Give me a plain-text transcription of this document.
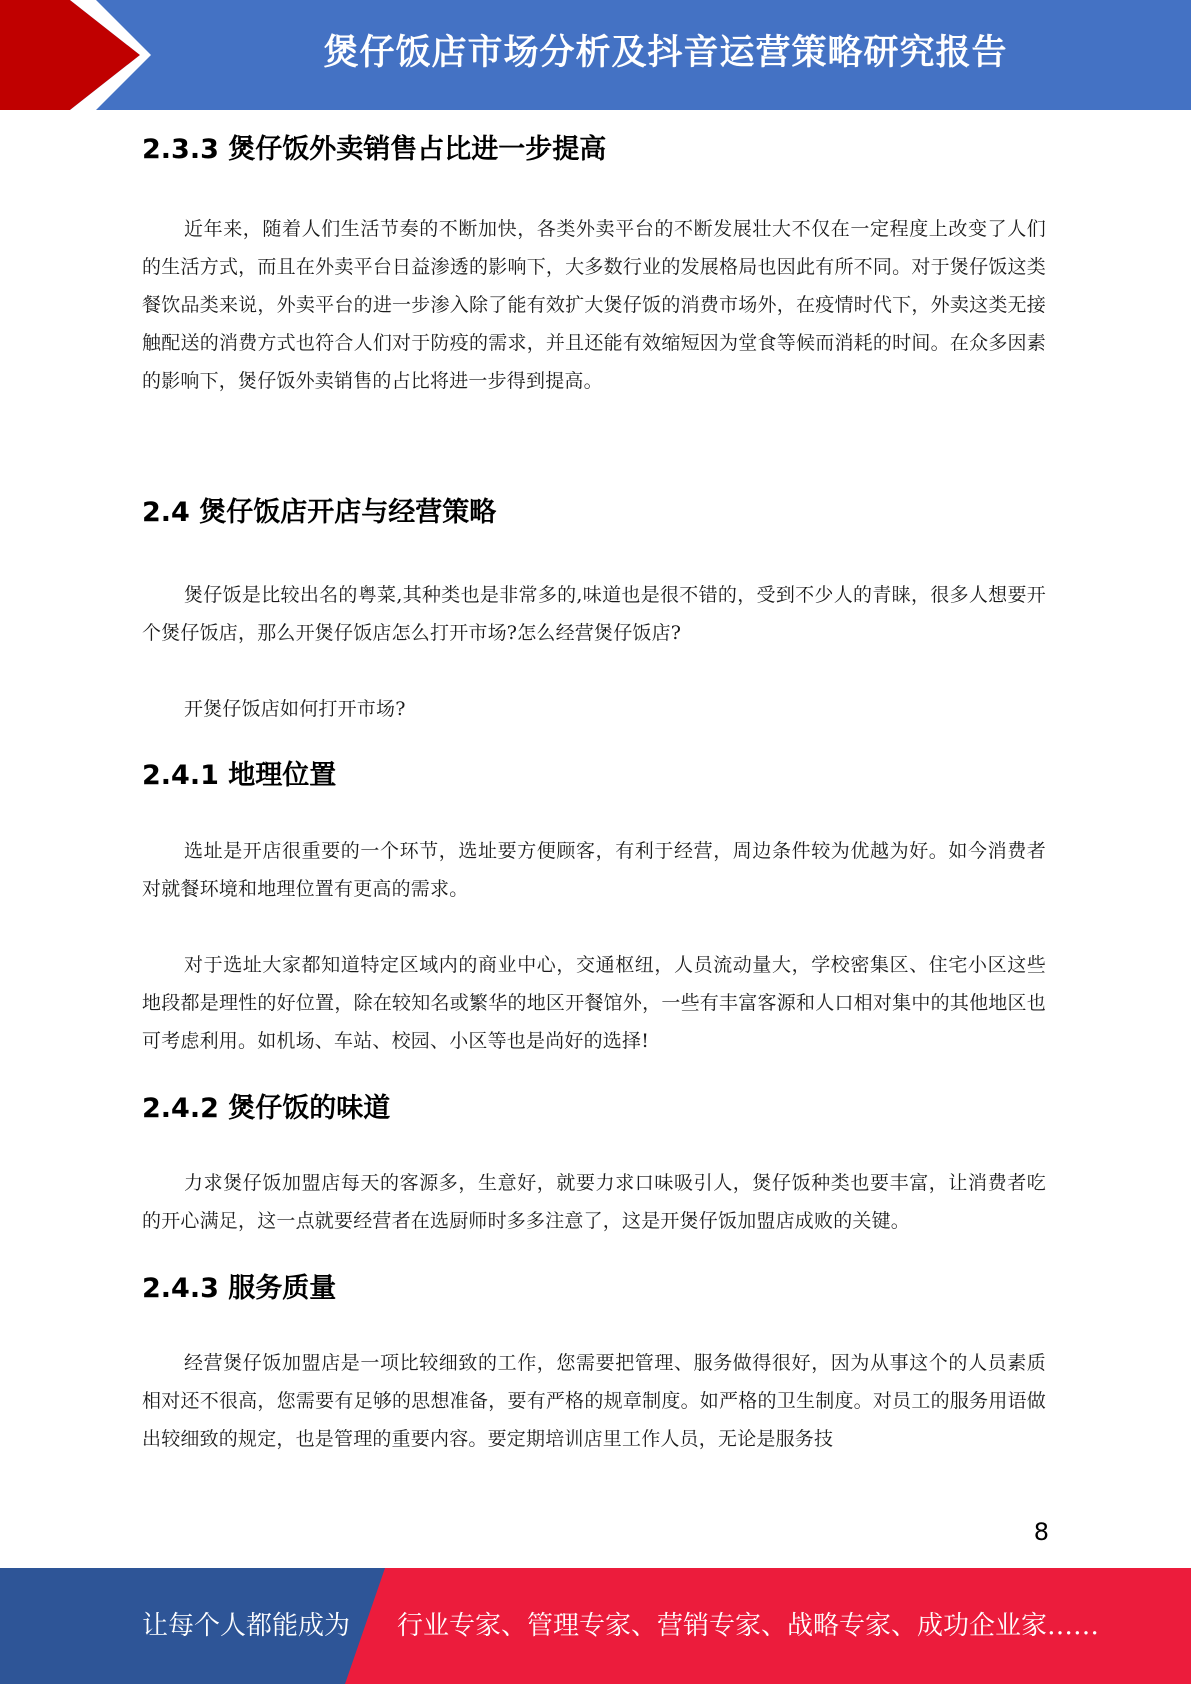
煲仔饭店市场分析及抖音运营策略研究报告
2.3.3 煲仔饭外卖销售占比进一步提高

近年来，随着人们生活节奏的不断加快，各类外卖平台的不断发展壮大不仅在一定程度上改变了人们的生活方式，而且在外卖平台日益渗透的影响下，大多数行业的发展格局也因此有所不同。对于煲仔饭这类餐饮品类来说，外卖平台的进一步渗入除了能有效扩大煲仔饭的消费市场外，在疫情时代下，外卖这类无接触配送的消费方式也符合人们对于防疫的需求，并且还能有效缩短因为堂食等候而消耗的时间。在众多因素的影响下，煲仔饭外卖销售的占比将进一步得到提高。

2.4 煲仔饭店开店与经营策略

煲仔饭是比较出名的粤菜,其种类也是非常多的,味道也是很不错的，受到不少人的青睐，很多人想要开个煲仔饭店，那么开煲仔饭店怎么打开市场?怎么经营煲仔饭店?

开煲仔饭店如何打开市场?

2.4.1 地理位置

选址是开店很重要的一个环节，选址要方便顾客，有利于经营，周边条件较为优越为好。如今消费者对就餐环境和地理位置有更高的需求。

对于选址大家都知道特定区域内的商业中心，交通枢纽，人员流动量大，学校密集区、住宅小区这些地段都是理性的好位置，除在较知名或繁华的地区开餐馆外，一些有丰富客源和人口相对集中的其他地区也可考虑利用。如机场、车站、校园、小区等也是尚好的选择!

2.4.2 煲仔饭的味道

力求煲仔饭加盟店每天的客源多，生意好，就要力求口味吸引人，煲仔饭种类也要丰富，让消费者吃的开心满足，这一点就要经营者在选厨师时多多注意了，这是开煲仔饭加盟店成败的关键。

2.4.3 服务质量

经营煲仔饭加盟店是一项比较细致的工作，您需要把管理、服务做得很好，因为从事这个的人员素质相对还不很高，您需要有足够的思想准备，要有严格的规章制度。如严格的卫生制度。对员工的服务用语做出较细致的规定，也是管理的重要内容。要定期培训店里工作人员，无论是服务技

8
让每个人都能成为 行业专家、管理专家、营销专家、战略专家、成功企业家……
